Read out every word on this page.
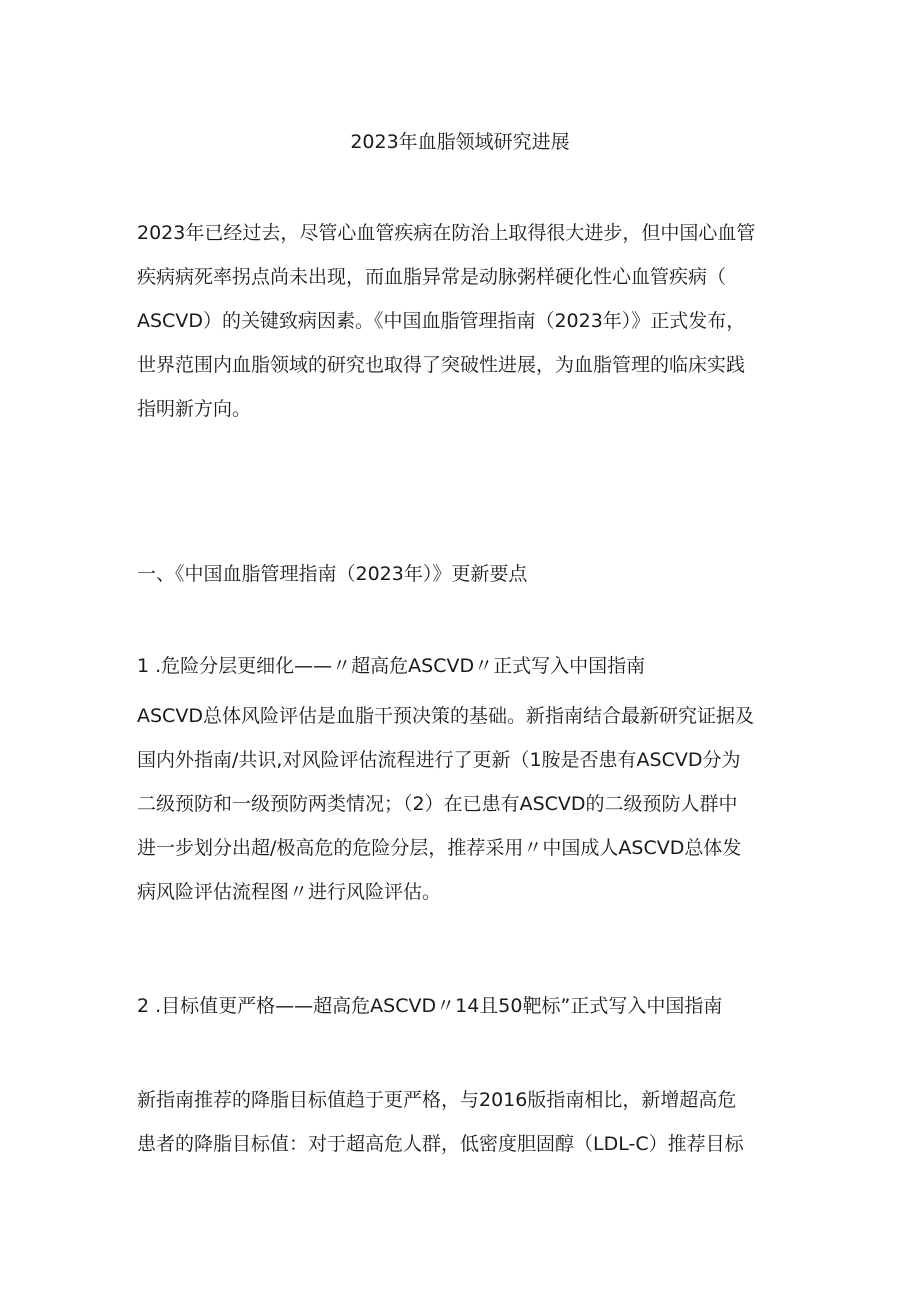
2023年血脂领域研究进展

2023年已经过去，尽管心血管疾病在防治上取得很大进步，但中国心血管
疾病病死率拐点尚未出现，而血脂异常是动脉粥样硬化性心血管疾病（
ASCVD）的关键致病因素。《中国血脂管理指南（2023年）》正式发布，
世界范围内血脂领域的研究也取得了突破性进展，为血脂管理的临床实践
指明新方向。

一、《中国血脂管理指南（2023年）》更新要点
1 .危险分层更细化——〃超高危ASCVD〃正式写入中国指南

ASCVD总体风险评估是血脂干预决策的基础。新指南结合最新研究证据及
国内外指南/共识,对风险评估流程进行了更新（1胺是否患有ASCVD分为
二级预防和一级预防两类情况；（2）在已患有ASCVD的二级预防人群中
进一步划分出超/极高危的危险分层，推荐采用〃中国成人ASCVD总体发
病风险评估流程图〃进行风险评估。

2 .目标值更严格——超高危ASCVD〃14且50靶标”正式写入中国指南

新指南推荐的降脂目标值趋于更严格，与2016版指南相比，新增超高危
患者的降脂目标值：对于超高危人群，低密度胆固醇（LDL-C）推荐目标
